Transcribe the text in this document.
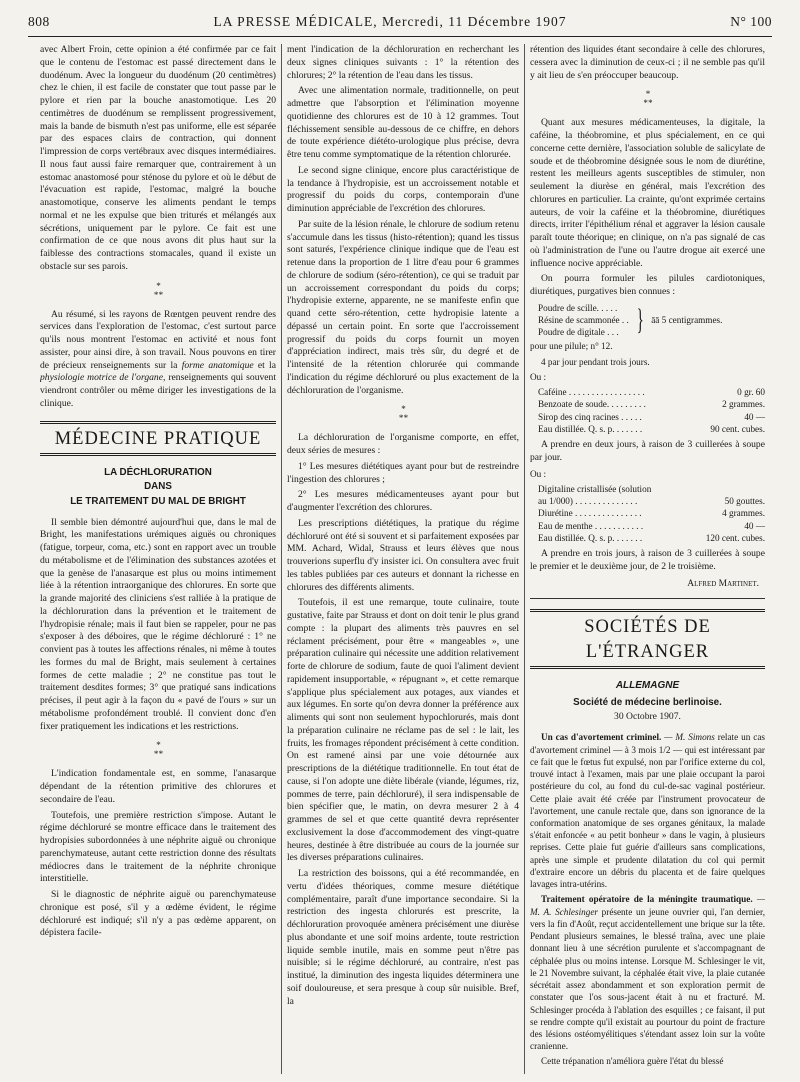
808	LA PRESSE MÉDICALE, Mercredi, 11 Décembre 1907	N° 100

avec Albert Froin, cette opinion a été confirmée par ce fait que le contenu de l'estomac est passé directement dans le duodénum. Avec la longueur du duodénum (20 centimètres) chez le chien, il est facile de constater que tout passe par le pylore et rien par la bouche anastomotique. Les 20 centimètres de duodénum se remplissent progressivement, mais la bande de bismuth n'est pas uniforme, elle est séparée par des espaces clairs de contraction, qui donnent l'impression de corps vertébraux avec disques intermédiaires. Il nous faut aussi faire remarquer que, contrairement à un estomac anastomosé pour sténose du pylore et où le début de l'évacuation est rapide, l'estomac, malgré la bouche anastomotique, conserve les aliments pendant le temps normal et ne les expulse que bien triturés et mélangés aux sécrétions, uniquement par le pylore. Ce fait est une confirmation de ce que nous avons dit plus haut sur la faiblesse des contractions stomacales, quand il existe un obstacle sur ses parois.

*
* *

Au résumé, si les rayons de Rœntgen peuvent rendre des services dans l'exploration de l'estomac, c'est surtout parce qu'ils nous montrent l'estomac en activité et nous font assister, pour ainsi dire, à son travail. Nous pouvons en tirer de précieux renseignements sur la forme anatomique et la physiologie motrice de l'organe, renseignements qui souvent viendront contrôler ou même diriger les investigations de la clinique.

MÉDECINE PRATIQUE
LA DÉCHLORURATION
DANS
LE TRAITEMENT DU MAL DE BRIGHT

Il semble bien démontré aujourd'hui que, dans le mal de Bright, les manifestations urémiques aiguës ou chroniques (fatigue, torpeur, coma, etc.) sont en rapport avec un trouble du métabolisme et de l'élimination des substances azotées et que la genèse de l'anasarque est plus ou moins intimement liée à la rétention intraorganique des chlorures. En sorte que la grande majorité des cliniciens s'est ralliée à la pratique de la déchloruration dans la prévention et le traitement de l'hydropisie rénale; mais il faut bien se rappeler, pour ne pas s'exposer à des déboires, que le régime déchloruré : 1° ne convient pas à toutes les affections rénales, ni même à toutes les formes du mal de Bright, mais seulement à certaines formes de cette maladie ; 2° ne constitue pas tout le traitement desdites formes; 3° que pratiqué sans indications précises, il peut agir à la façon du « pavé de l'ours » sur un métabolisme profondément troublé. Il convient donc d'en fixer pratiquement les indications et les restrictions.

*
* *

L'indication fondamentale est, en somme, l'anasarque dépendant de la rétention primitive des chlorures et secondaire de l'eau.

Toutefois, une première restriction s'impose. Autant le régime déchloruré se montre efficace dans le traitement des hydropisies subordonnées à une néphrite aiguë ou chronique parenchymateuse, autant cette restriction donne des résultats médiocres dans le traitement de la néphrite chronique interstitielle.

Si le diagnostic de néphrite aiguë ou parenchymateuse chronique est posé, s'il y a œdème évident, le régime déchloruré est indiqué; s'il n'y a pas œdème apparent, on dépistera facile-

ment l'indication de la déchloruration en recherchant les deux signes cliniques suivants : 1° la rétention des chlorures; 2° la rétention de l'eau dans les tissus.

Avec une alimentation normale, traditionnelle, on peut admettre que l'absorption et l'élimination moyenne quotidienne des chlorures est de 10 à 12 grammes. Tout fléchissement sensible au-dessous de ce chiffre, en dehors de toute expérience diététo-urologique plus précise, devra être tenu comme symptomatique de la rétention chlorurée.

Le second signe clinique, encore plus caractéristique de la tendance à l'hydropisie, est un accroissement notable et progressif du poids du corps, contemporain d'une diminution appréciable de l'excrétion des chlorures.

Par suite de la lésion rénale, le chlorure de sodium retenu s'accumule dans les tissus (histo-rétention); quand les tissus sont saturés, l'expérience clinique indique que de l'eau est retenue dans la proportion de 1 litre d'eau pour 6 grammes de chlorure de sodium (séro-rétention), ce qui se traduit par un accroissement correspondant du poids du corps; l'hydropisie externe, apparente, ne se manifeste enfin que quand cette séro-rétention, cette hydropisie latente a dépassé un certain point. En sorte que l'accroissement progressif du poids du corps fournit un moyen d'appréciation indirect, mais très sûr, du degré et de l'intensité de la rétention chlorurée qui commande l'indication du régime déchloruré ou plus exactement de la déchloruration de l'organisme.

*
* *

La déchloruration de l'organisme comporte, en effet, deux séries de mesures :

1° Les mesures diététiques ayant pour but de restreindre l'ingestion des chlorures ;

2° Les mesures médicamenteuses ayant pour but d'augmenter l'excrétion des chlorures.

Les prescriptions diététiques, la pratique du régime déchloruré ont été si souvent et si parfaitement exposées par MM. Achard, Widal, Strauss et leurs élèves que nous trouverions superflu d'y insister ici. On consultera avec fruit les tables publiées par ces auteurs et donnant la richesse en chlorures des différents aliments.

Toutefois, il est une remarque, toute culinaire, toute gustative, faite par Strauss et dont on doit tenir le plus grand compte : la plupart des aliments très pauvres en sel réclament précisément, pour être « mangeables », une préparation culinaire qui nécessite une addition relativement forte de chlorure de sodium, faute de quoi l'aliment devient rapidement insupportable, « répugnant », et cette remarque s'applique plus spécialement aux potages, aux viandes et aux légumes. En sorte qu'on devra donner la préférence aux aliments qui sont non seulement hypochlorurés, mais dont la préparation culinaire ne réclame pas de sel : le lait, les fruits, les fromages répondent précisément à cette condition. On est ramené ainsi par une voie détournée aux prescriptions de la diététique traditionnelle. En tout état de cause, si l'on adopte une diète libérale (viande, légumes, riz, pommes de terre, pain déchloruré), il sera indispensable de bien spécifier que, le matin, on devra mesurer 2 à 4 grammes de sel et que cette quantité devra représenter exclusivement la dose d'accommodement des vingt-quatre heures, destinée à être distribuée au cours de la journée sur les diverses préparations culinaires.

La restriction des boissons, qui a été recommandée, en vertu d'idées théoriques, comme mesure diététique complémentaire, paraît d'une importance secondaire. Si la restriction des ingesta chlorurés est prescrite, la déchloruration provoquée amènera précisément une diurèse plus abondante et une soif moins ardente, toute restriction liquide semble inutile, mais en somme peut n'être pas nuisible; si le régime déchloruré, au contraire, n'est pas institué, la diminution des ingesta liquides déterminera une soif douloureuse, et sera presque à coup sûr nuisible. Bref, la

rétention des liquides étant secondaire à celle des chlorures, cessera avec la diminution de ceux-ci ; il ne semble pas qu'il y ait lieu de s'en préoccuper beaucoup.

*
* *

Quant aux mesures médicamenteuses, la digitale, la caféine, la théobromine, et plus spécialement, en ce qui concerne cette dernière, l'association soluble de salicylate de soude et de théobromine désignée sous le nom de diurétine, restent les meilleurs agents susceptibles de stimuler, non seulement la diurèse en général, mais l'excrétion des chlorures en particulier. La crainte, qu'ont exprimée certains auteurs, de voir la caféine et la théobromine, diurétiques directs, irriter l'épithélium rénal et aggraver la lésion causale paraît toute théorique; en clinique, on n'a pas signalé de cas où l'administration de l'une ou l'autre drogue ait exercé une influence nocive appréciable.

On pourra formuler les pilules cardiotoniques, diurétiques, purgatives bien connues :

Poudre de scille. . . . .
Résine de scammonée . .
Poudre de digitale . . . } āā 5 centigrammes.

pour une pilule; n° 12.

4 par jour pendant trois jours.

Ou :

Caféine . . . . . . . . . . . . . . . . .	0 gr. 60
Benzoate de soude. . . . . . . . .	2 grammes.
Sirop des cinq racines . . . . .	40 —
Eau distillée. Q. s. p. . . . . . .	90 cent. cubes.

A prendre en deux jours, à raison de 3 cuillerées à soupe par jour.

Ou :

Digitaline cristallisée (solution
au 1/000) . . . . . . . . . . . . . .	50 gouttes.
Diurétine . . . . . . . . . . . . . . .	4 grammes.
Eau de menthe . . . . . . . . . . .	40 —
Eau distillée. Q. s. p. . . . . . .	120 cent. cubes.

A prendre en trois jours, à raison de 3 cuillerées à soupe le premier et le deuxième jour, de 2 le troisième.

Alfred Martinet.
SOCIÉTÉS DE L'ÉTRANGER
ALLEMAGNE
Société de médecine berlinoise.
30 Octobre 1907.

Un cas d'avortement criminel. — M. Simons relate un cas d'avortement criminel — à 3 mois 1/2 — qui est intéressant par ce fait que le fœtus fut expulsé, non par l'orifice externe du col, trouvé intact à l'examen, mais par une plaie occupant la paroi postérieure du col, au fond du cul-de-sac vaginal postérieur. Cette plaie avait été créée par l'instrument provocateur de l'avortement, une canule rectale que, dans son ignorance de la conformation anatomique de ses organes génitaux, la malade s'était enfoncée « au petit bonheur » dans le vagin, à plusieurs reprises. Cette plaie fut guérie d'ailleurs sans complications, après une simple et prudente dilatation du col qui permit d'extraire encore un débris du placenta et de faire quelques lavages intra-utérins.

Traitement opératoire de la méningite traumatique. — M. A. Schlesinger présente un jeune ouvrier qui, l'an dernier, vers la fin d'Août, reçut accidentellement une brique sur la tête. Pendant plusieurs semaines, le blessé traîna, avec une plaie donnant lieu à une sécrétion purulente et s'accompagnant de céphalée plus ou moins intense. Lorsque M. Schlesinger le vit, le 21 Novembre suivant, la céphalée était vive, la plaie cutanée sécrétait assez abondamment et son exploration permit de constater que l'os sous-jacent était à nu et fracturé. M. Schlesinger procéda à l'ablation des esquilles ; ce faisant, il put se rendre compte qu'il existait au pourtour du point de fracture des lésions ostéomyélitiques s'étendant assez loin sur la voûte cranienne.

Cette trépanation n'améliora guère l'état du blessé
